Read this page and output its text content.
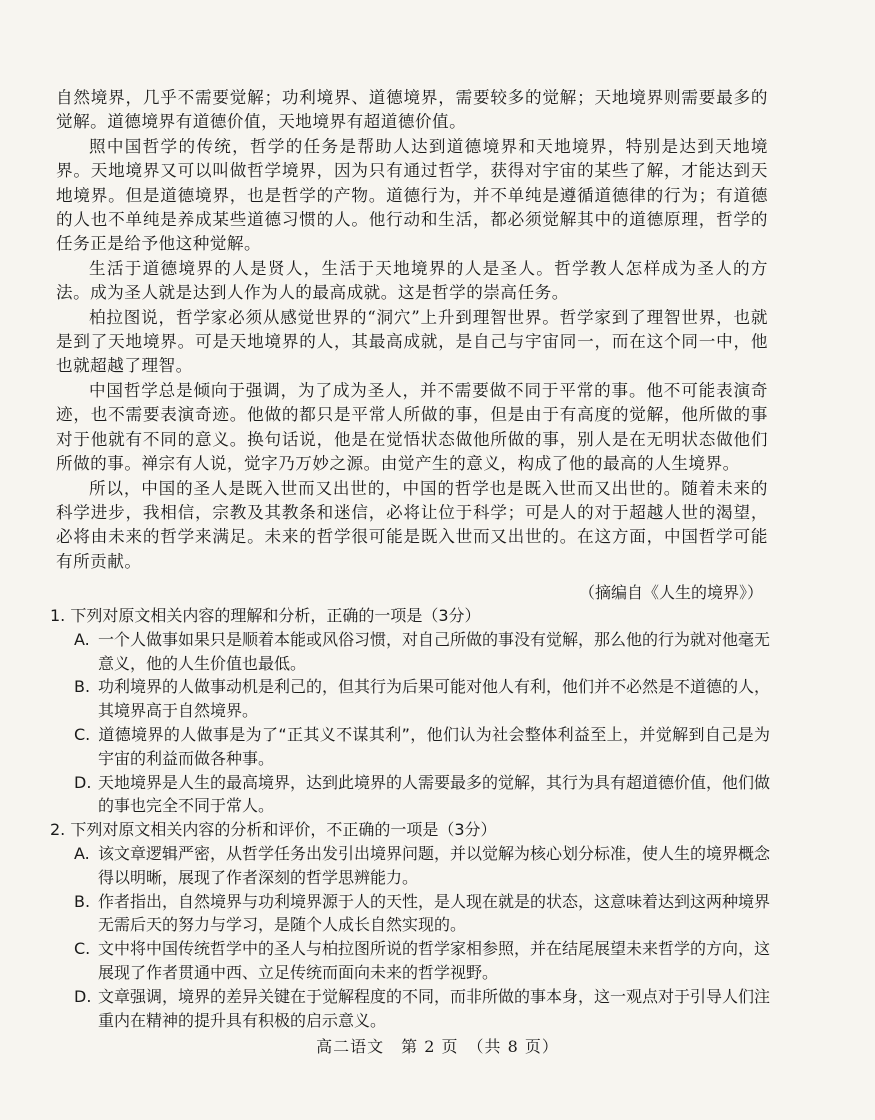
自然境界，几乎不需要觉解；功利境界、道德境界，需要较多的觉解；天地境界则需要最多的觉解。道德境界有道德价值，天地境界有超道德价值。

照中国哲学的传统，哲学的任务是帮助人达到道德境界和天地境界，特别是达到天地境界。天地境界又可以叫做哲学境界，因为只有通过哲学，获得对宇宙的某些了解，才能达到天地境界。但是道德境界，也是哲学的产物。道德行为，并不单纯是遵循道德律的行为；有道德的人也不单纯是养成某些道德习惯的人。他行动和生活，都必须觉解其中的道德原理，哲学的任务正是给予他这种觉解。

生活于道德境界的人是贤人，生活于天地境界的人是圣人。哲学教人怎样成为圣人的方法。成为圣人就是达到人作为人的最高成就。这是哲学的崇高任务。

柏拉图说，哲学家必须从感觉世界的“洞穴”上升到理智世界。哲学家到了理智世界，也就是到了天地境界。可是天地境界的人，其最高成就，是自己与宇宙同一，而在这个同一中，他也就超越了理智。

中国哲学总是倾向于强调，为了成为圣人，并不需要做不同于平常的事。他不可能表演奇迹，也不需要表演奇迹。他做的都只是平常人所做的事，但是由于有高度的觉解，他所做的事对于他就有不同的意义。换句话说，他是在觉悟状态做他所做的事，别人是在无明状态做他们所做的事。禅宗有人说，觉字乃万妙之源。由觉产生的意义，构成了他的最高的人生境界。

所以，中国的圣人是既入世而又出世的，中国的哲学也是既入世而又出世的。随着未来的科学进步，我相信，宗教及其教条和迷信，必将让位于科学；可是人的对于超越人世的渴望，必将由未来的哲学来满足。未来的哲学很可能是既入世而又出世的。在这方面，中国哲学可能有所贡献。

（摘编自《人生的境界》）

1. 下列对原文相关内容的理解和分析，正确的一项是（3分）

A. 一个人做事如果只是顺着本能或风俗习惯，对自己所做的事没有觉解，那么他的行为就对他毫无意义，他的人生价值也最低。

B. 功利境界的人做事动机是利己的，但其行为后果可能对他人有利，他们并不必然是不道德的人，其境界高于自然境界。

C. 道德境界的人做事是为了“正其义不谋其利”，他们认为社会整体利益至上，并觉解到自己是为宇宙的利益而做各种事。

D. 天地境界是人生的最高境界，达到此境界的人需要最多的觉解，其行为具有超道德价值，他们做的事也完全不同于常人。

2. 下列对原文相关内容的分析和评价，不正确的一项是（3分）

A. 该文章逻辑严密，从哲学任务出发引出境界问题，并以觉解为核心划分标准，使人生的境界概念得以明晰，展现了作者深刻的哲学思辨能力。

B. 作者指出，自然境界与功利境界源于人的天性，是人现在就是的状态，这意味着达到这两种境界无需后天的努力与学习，是随个人成长自然实现的。

C. 文中将中国传统哲学中的圣人与柏拉图所说的哲学家相参照，并在结尾展望未来哲学的方向，这展现了作者贯通中西、立足传统而面向未来的哲学视野。

D. 文章强调，境界的差异关键在于觉解程度的不同，而非所做的事本身，这一观点对于引导人们注重内在精神的提升具有积极的启示意义。

高二语文　第 2 页　（共 8 页）
